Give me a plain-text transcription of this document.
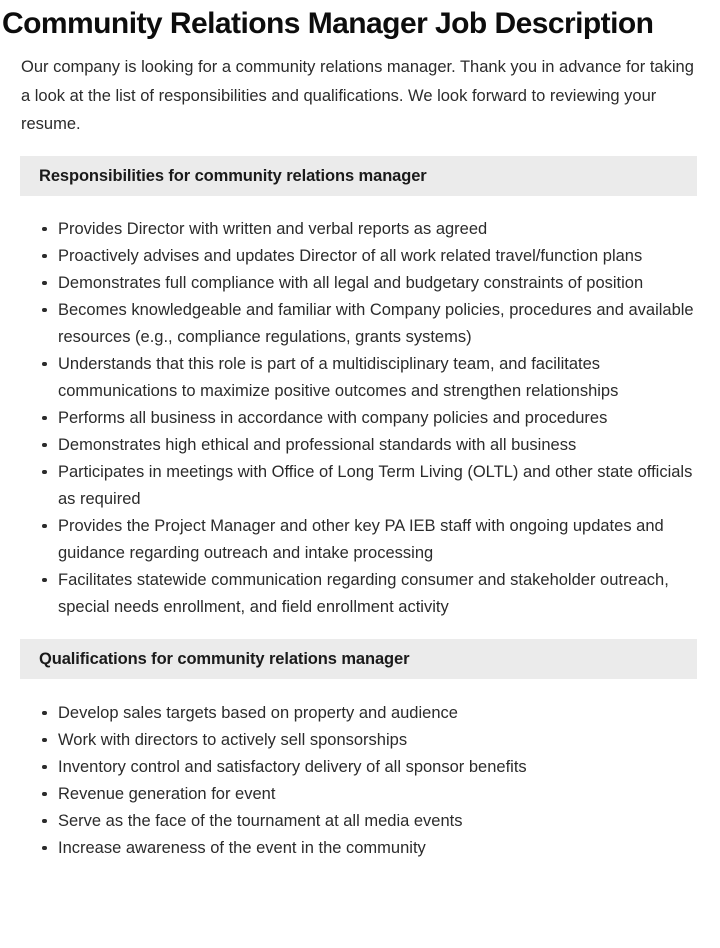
Community Relations Manager Job Description

Our company is looking for a community relations manager. Thank you in advance for taking a look at the list of responsibilities and qualifications. We look forward to reviewing your resume.

Responsibilities for community relations manager
Provides Director with written and verbal reports as agreed
Proactively advises and updates Director of all work related travel/function plans
Demonstrates full compliance with all legal and budgetary constraints of position
Becomes knowledgeable and familiar with Company policies, procedures and available resources (e.g., compliance regulations, grants systems)
Understands that this role is part of a multidisciplinary team, and facilitates communications to maximize positive outcomes and strengthen relationships
Performs all business in accordance with company policies and procedures
Demonstrates high ethical and professional standards with all business
Participates in meetings with Office of Long Term Living (OLTL) and other state officials as required
Provides the Project Manager and other key PA IEB staff with ongoing updates and guidance regarding outreach and intake processing
Facilitates statewide communication regarding consumer and stakeholder outreach, special needs enrollment, and field enrollment activity
Qualifications for community relations manager
Develop sales targets based on property and audience
Work with directors to actively sell sponsorships
Inventory control and satisfactory delivery of all sponsor benefits
Revenue generation for event
Serve as the face of the tournament at all media events
Increase awareness of the event in the community
